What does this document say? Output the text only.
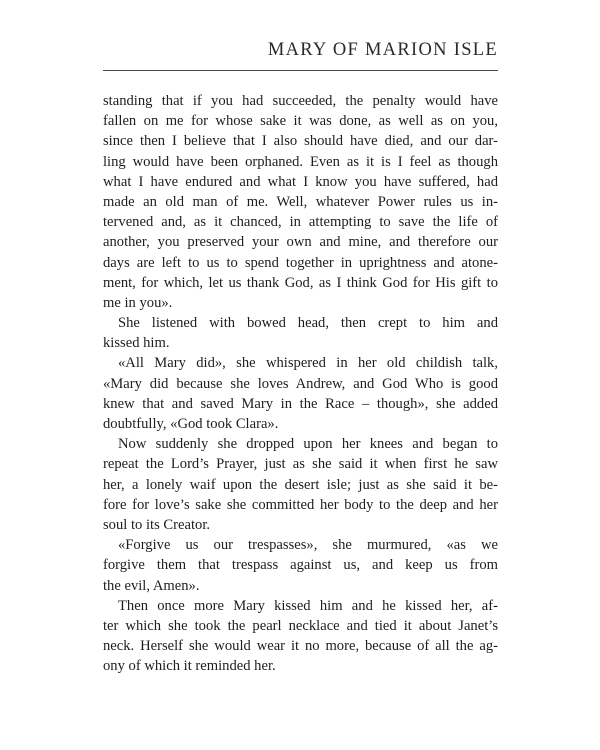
MARY OF MARION ISLE
standing that if you had succeeded, the penalty would have
fallen on me for whose sake it was done, as well as on you,
since then I believe that I also should have died, and our dar-
ling would have been orphaned. Even as it is I feel as though
what I have endured and what I know you have suffered, had
made an old man of me. Well, whatever Power rules us in-
tervened and, as it chanced, in attempting to save the life of
another, you preserved your own and mine, and therefore our
days are left to us to spend together in uprightness and atone-
ment, for which, let us thank God, as I think God for His gift to
me in you».
She listened with bowed head, then crept to him and
kissed him.
«All Mary did», she whispered in her old childish talk,
«Mary did because she loves Andrew, and God Who is good
knew that and saved Mary in the Race – though», she added
doubtfully, «God took Clara».
Now suddenly she dropped upon her knees and began to
repeat the Lord’s Prayer, just as she said it when first he saw
her, a lonely waif upon the desert isle; just as she said it be-
fore for love’s sake she committed her body to the deep and her
soul to its Creator.
«Forgive us our trespasses», she murmured, «as we
forgive them that trespass against us, and keep us from
the evil, Amen».
Then once more Mary kissed him and he kissed her, af-
ter which she took the pearl necklace and tied it about Janet’s
neck. Herself she would wear it no more, because of all the ag-
ony of which it reminded her.
